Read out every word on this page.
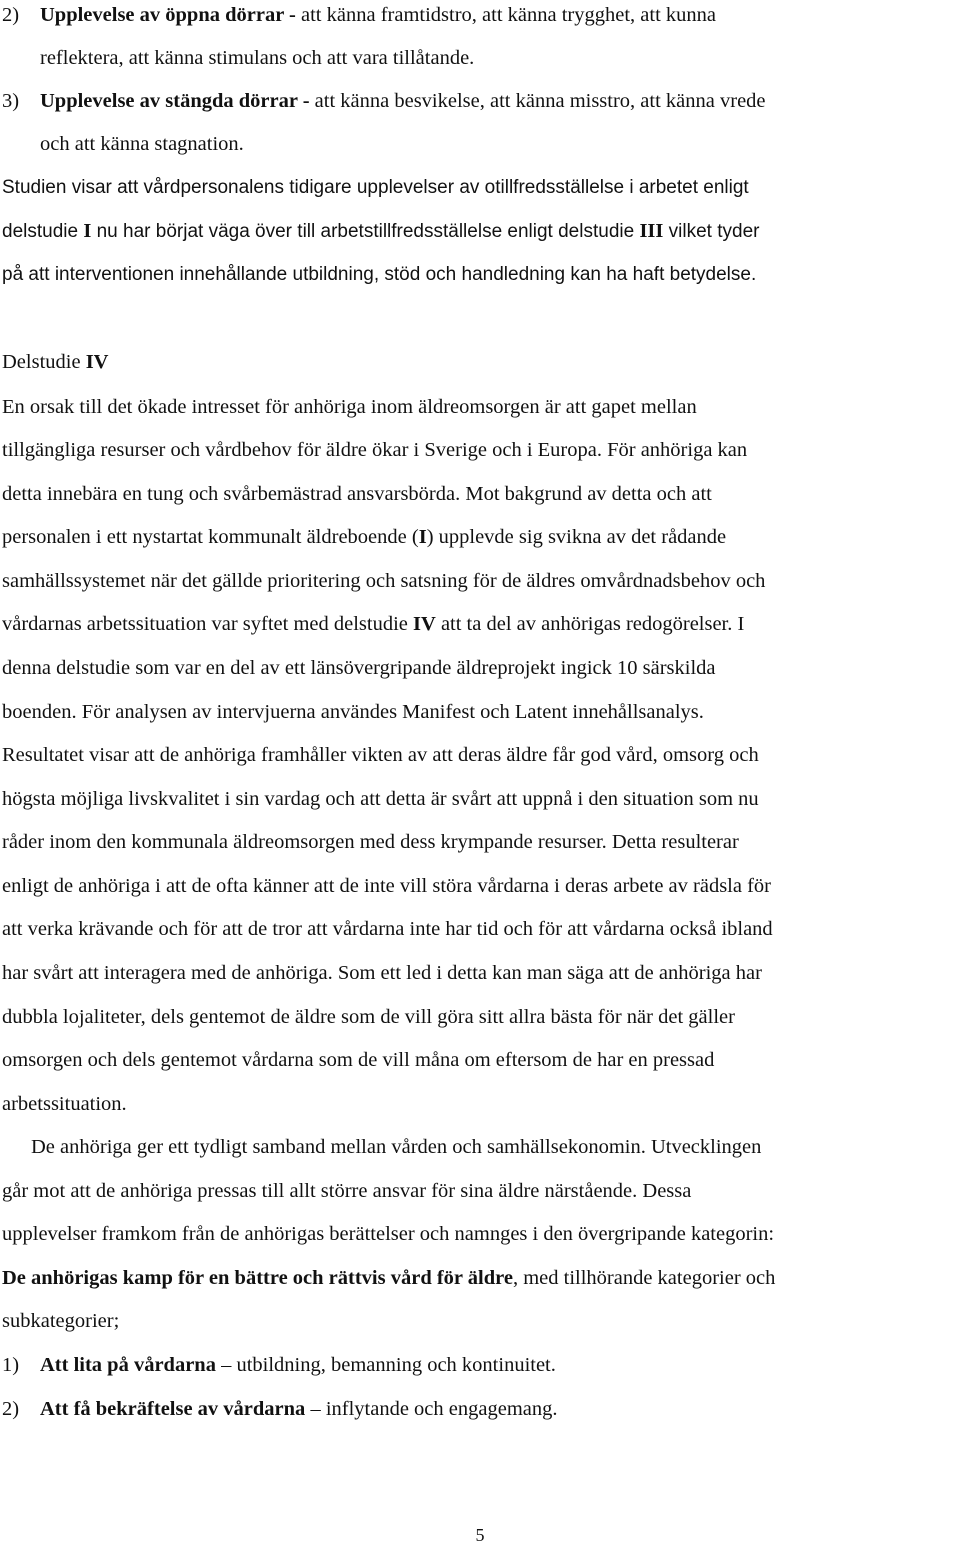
2) Upplevelse av öppna dörrar - att känna framtidstro, att känna trygghet, att kunna
reflektera, att känna stimulans och att vara tillåtande.
3) Upplevelse av stängda dörrar - att känna besvikelse, att känna misstro, att känna vrede
och att känna stagnation.
Studien visar att vårdpersonalens tidigare upplevelser av otillfredsställelse i arbetet enligt
delstudie I nu har börjat väga över till arbetstillfredsställelse enligt delstudie III vilket tyder
på att interventionen innehållande utbildning, stöd och handledning kan ha haft betydelse.
Delstudie IV
En orsak till det ökade intresset för anhöriga inom äldreomsorgen är att gapet mellan
tillgängliga resurser och vårdbehov för äldre ökar i Sverige och i Europa. För anhöriga kan
detta innebära en tung och svårbemästrad ansvarsbörda. Mot bakgrund av detta och att
personalen i ett nystartat kommunalt äldreboende (I) upplevde sig svikna av det rådande
samhällssystemet när det gällde prioritering och satsning för de äldres omvårdnadsbehov och
vårdarnas arbetssituation var syftet med delstudie IV att ta del av anhörigas redogörelser. I
denna delstudie som var en del av ett länsövergripande äldreprojekt ingick 10 särskilda
boenden. För analysen av intervjuerna användes Manifest och Latent innehållsanalys.
Resultatet visar att de anhöriga framhåller vikten av att deras äldre får god vård, omsorg och
högsta möjliga livskvalitet i sin vardag och att detta är svårt att uppnå i den situation som nu
råder inom den kommunala äldreomsorgen med dess krympande resurser. Detta resulterar
enligt de anhöriga i att de ofta känner att de inte vill störa vårdarna i deras arbete av rädsla för
att verka krävande och för att de tror att vårdarna inte har tid och för att vårdarna också ibland
har svårt att interagera med de anhöriga. Som ett led i detta kan man säga att de anhöriga har
dubbla lojaliteter, dels gentemot de äldre som de vill göra sitt allra bästa för när det gäller
omsorgen och dels gentemot vårdarna som de vill måna om eftersom de har en pressad
arbetssituation.
De anhöriga ger ett tydligt samband mellan vården och samhällsekonomin. Utvecklingen
går mot att de anhöriga pressas till allt större ansvar för sina äldre närstående. Dessa
upplevelser framkom från de anhörigas berättelser och namnges i den övergripande kategorin:
De anhörigas kamp för en bättre och rättvis vård för äldre, med tillhörande kategorier och
subkategorier;
1) Att lita på vårdarna – utbildning, bemanning och kontinuitet.
2) Att få bekräftelse av vårdarna – inflytande och engagemang.
5
